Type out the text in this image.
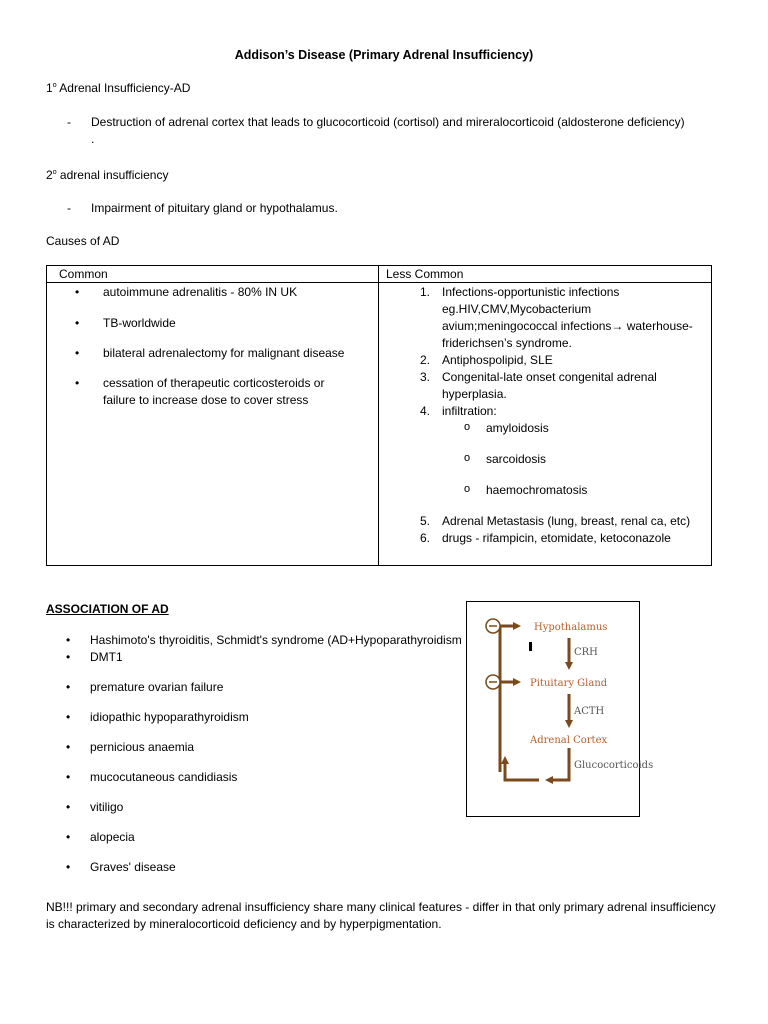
Addison’s Disease (Primary Adrenal Insufficiency)
1$^o$ Adrenal Insufficiency-AD
- Destruction of adrenal cortex that leads to glucocorticoid (cortisol) and mireralocorticoid (aldosterone deficiency) .
2$^o$ adrenal insufficiency
- Impairment of pituitary gland or hypothalamus.
Causes of AD
Common	Less Common
• autoimmune adrenalitis - 80% IN UK
• TB-worldwide
• bilateral adrenalectomy for malignant disease
• cessation of therapeutic corticosteroids or failure to increase dose to cover stress
1. Infections-opportunistic infections eg.HIV,CMV,Mycobacterium avium;meningococcal infections→ waterhouse-friderichsen’s syndrome.
2. Antiphospolipid, SLE
3. Congenital-late onset congenital adrenal hyperplasia.
4. infiltration:
o amyloidosis
o sarcoidosis
o haemochromatosis
5. Adrenal Metastasis (lung, breast, renal ca, etc)
6. drugs - rifampicin, etomidate, ketoconazole
ASSOCIATION OF AD
• Hashimoto's thyroiditis, Schmidt's syndrome (AD+Hypoparathyroidism
• DMT1
• premature ovarian failure
• idiopathic hypoparathyroidism
• pernicious anaemia
• mucocutaneous candidiasis
• vitiligo
• alopecia
• Graves' disease
Hypothalamus
CRH
Pituitary Gland
ACTH
Adrenal Cortex
Glucocorticoids
NB!!! primary and secondary adrenal insufficiency share many clinical features - differ in that only primary adrenal insufficiency is characterized by mineralocorticoid deficiency and by hyperpigmentation.
